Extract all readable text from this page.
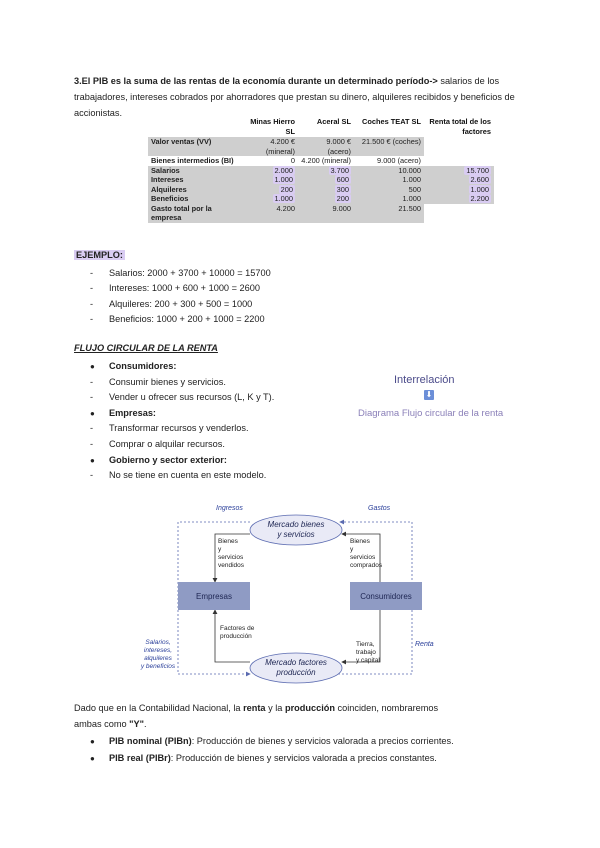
3.El PIB es la suma de las rentas de la economía durante un determinado período-> salarios de los trabajadores, intereses cobrados por ahorradores que prestan su dinero, alquileres recibidos y beneficios de accionistas.

	Minas Hierro SL	Aceral SL	Coches TEAT SL	Renta total de los factores
Valor ventas (VV)	4.200 € (mineral)	9.000 € (acero)	21.500 € (coches)	
Bienes intermedios (BI)	0	4.200 (mineral)	9.000 (acero)	
Salarios	2.000	3.700	10.000	15.700
Intereses	1.000	600	1.000	2.600
Alquileres	200	300	500	1.000
Beneficios	1.000	200	1.000	2.200
Gasto total por la empresa	4.200	9.000	21.500	
EJEMPLO:
- Salarios: 2000 + 3700 + 10000 = 15700
- Intereses: 1000 + 600 + 1000 = 2600
- Alquileres: 200 + 300 + 500 = 1000
- Beneficios: 1000 + 200 + 1000 = 2200
FLUJO CIRCULAR DE LA RENTA
● Consumidores:
- Consumir bienes y servicios.
- Vender u ofrecer sus recursos (L, K y T).
● Empresas:
- Transformar recursos y venderlos.
- Comprar o alquilar recursos.
● Gobierno y sector exterior:
- No se tiene en cuenta en este modelo.
Interrelación
⬇
Diagrama Flujo circular de la renta
Mercado bienes
y servicios
Mercado factores
producción
Empresas	Consumidores
Ingresos	Gastos
Bienes
y
servicios
vendidos
Bienes
y
servicios
comprados
Factores de
producción
Tierra,
trabajo
y capital
Salarios,
intereses,
alquileres
y beneficios
Renta

Dado que en la Contabilidad Nacional, la renta y la producción coinciden, nombraremos

ambas como "Y".

● PIB nominal (PIBn): Producción de bienes y servicios valorada a precios corrientes.
● PIB real (PIBr): Producción de bienes y servicios valorada a precios constantes.
